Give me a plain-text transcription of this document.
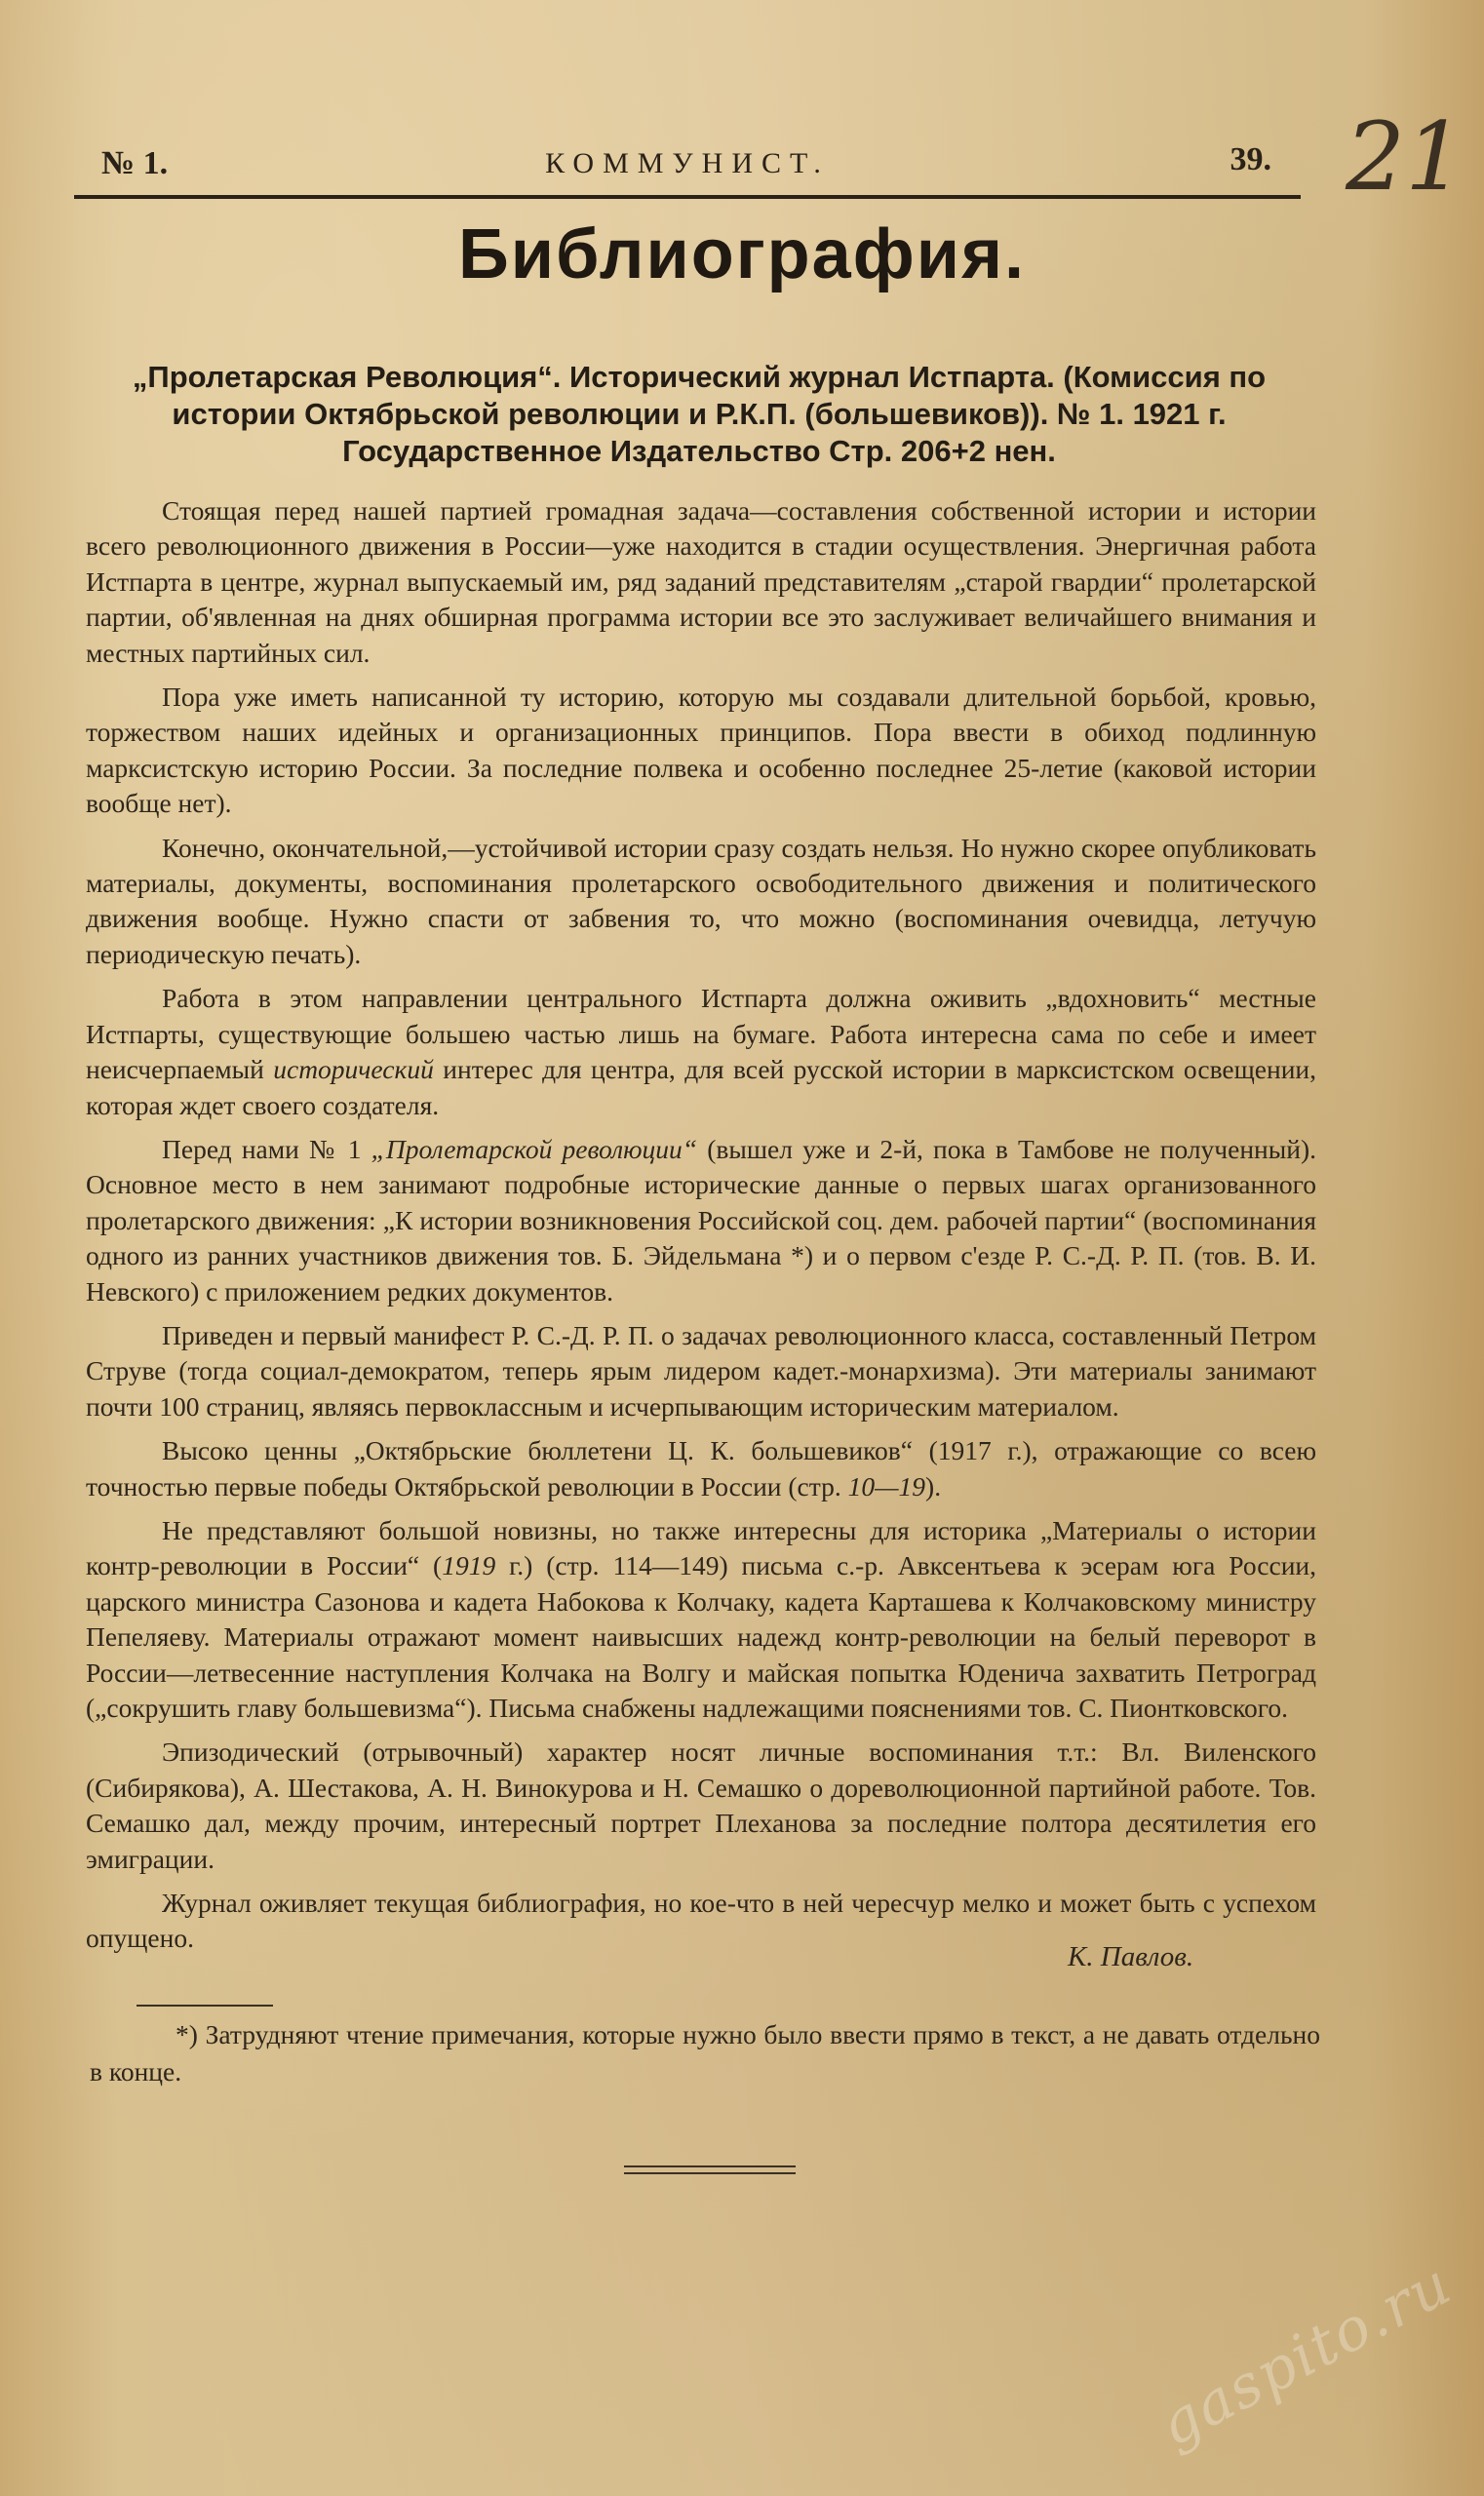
№ 1.	КОММУНИСТ.	39. 21
Библиография.
„Пролетарская Революция“. Исторический журнал Истпарта. (Комиссия по истории Октябрьской революции и Р.К.П. (большевиков)). № 1. 1921 г. Государственное Издательство Стр. 206+2 нен.

Стоящая перед нашей партией громадная задача—составления собственной истории и истории всего революционного движения в России—уже находится в стадии осуществления. Энергичная работа Истпарта в центре, журнал выпускаемый им, ряд заданий представителям „старой гвардии“ пролетарской партии, об'явленная на днях обширная программа истории все это заслуживает величайшего внимания и местных партийных сил.

Пора уже иметь написанной ту историю, которую мы создавали длительной борьбой, кровью, торжеством наших идейных и организационных принципов. Пора ввести в обиход подлинную марксистскую историю России. За последние полвека и особенно последнее 25-летие (каковой истории вообще нет).

Конечно, окончательной,—устойчивой истории сразу создать нельзя. Но нужно скорее опубликовать материалы, документы, воспоминания пролетарского освободительного движения и политического движения вообще. Нужно спасти от забвения то, что можно (воспоминания очевидца, летучую периодическую печать).

Работа в этом направлении центрального Истпарта должна оживить „вдохновить“ местные Истпарты, существующие большею частью лишь на бумаге. Работа интересна сама по себе и имеет неисчерпаемый исторический интерес для центра, для всей русской истории в марксистском освещении, которая ждет своего создателя.

Перед нами № 1 „Пролетарской революции“ (вышел уже и 2-й, пока в Тамбове не полученный). Основное место в нем занимают подробные исторические данные о первых шагах организованного пролетарского движения: „К истории возникновения Российской соц. дем. рабочей партии“ (воспоминания одного из ранних участников движения тов. Б. Эйдельмана *) и о первом с'езде Р. С.-Д. Р. П. (тов. В. И. Невского) с приложением редких документов.

Приведен и первый манифест Р. С.-Д. Р. П. о задачах революционного класса, составленный Петром Струве (тогда социал-демократом, теперь ярым лидером кадет.-монархизма). Эти материалы занимают почти 100 страниц, являясь первоклассным и исчерпывающим историческим материалом.

Высоко ценны „Октябрьские бюллетени Ц. К. большевиков“ (1917 г.), отражающие со всею точностью первые победы Октябрьской революции в России (стр. 10—19).

Не представляют большой новизны, но также интересны для историка „Материалы о истории контр-революции в России“ (1919 г.) (стр. 114—149) письма с.-р. Авксентьева к эсерам юга России, царского министра Сазонова и кадета Набокова к Колчаку, кадета Карташева к Колчаковскому министру Пепеляеву. Материалы отражают момент наивысших надежд контр-революции на белый переворот в России—летвесенние наступления Колчака на Волгу и майская попытка Юденича захватить Петроград („сокрушить главу большевизма“). Письма снабжены надлежащими пояснениями тов. С. Пионтковского.

Эпизодический (отрывочный) характер носят личные воспоминания т.т.: Вл. Виленского (Сибирякова), А. Шестакова, А. Н. Винокурова и Н. Семашко о дореволюционной партийной работе. Тов. Семашко дал, между прочим, интересный портрет Плеханова за последние полтора десятилетия его эмиграции.

Журнал оживляет текущая библиография, но кое-что в ней чересчур мелко и может быть с успехом опущено.

К. Павлов.

*) Затрудняют чтение примечания, которые нужно было ввести прямо в текст, а не давать отдельно в конце.

gaspito.ru
